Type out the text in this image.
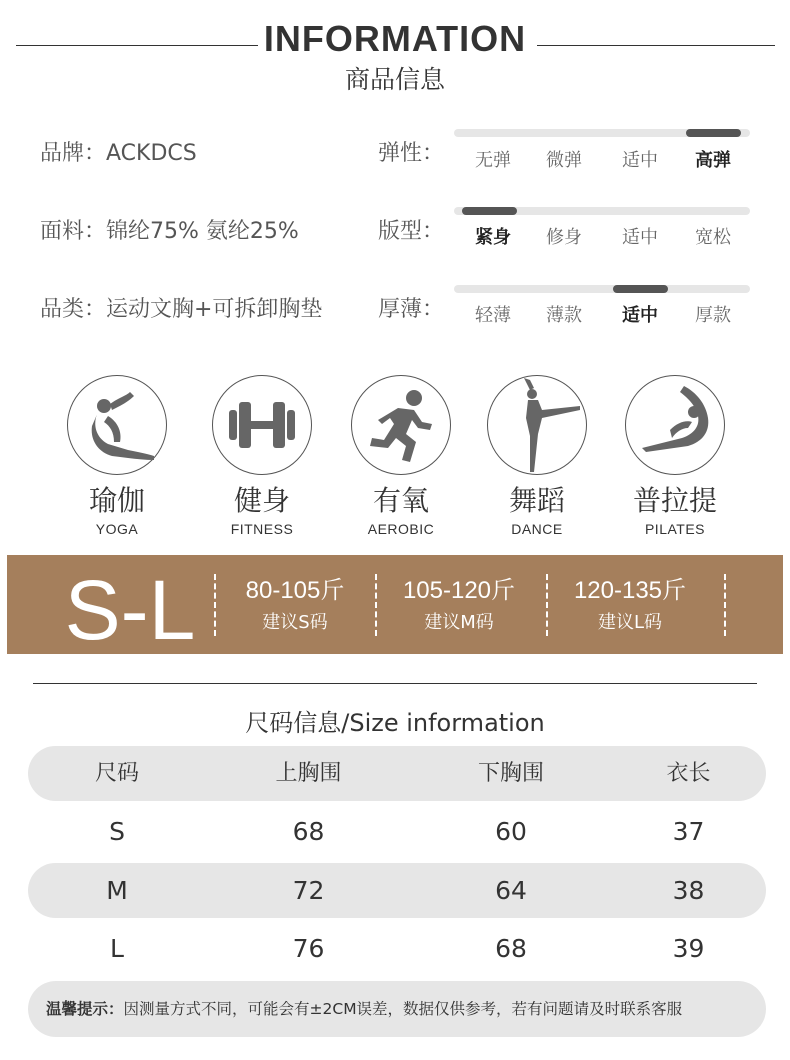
INFORMATION
商品信息
品牌：ACKDCS
面料：锦纶75% 氨纶25%
品类：运动文胸+可拆卸胸垫
弹性：	无弹	微弹	适中	高弹
版型：	紧身	修身	适中	宽松
厚薄：	轻薄	薄款	适中	厚款
瑜伽
YOGA
健身
FITNESS
有氧
AEROBIC
舞蹈
DANCE
普拉提
PILATES
S-L	80-105斤
建议S码
105-120斤
建议M码
120-135斤
建议L码
尺码信息/Size information
尺码	上胸围	下胸围	衣长
S	68	60	37
M	72	64	38
L	76	68	39
温馨提示：因测量方式不同，可能会有±2CM误差，数据仅供参考，若有问题请及时联系客服
